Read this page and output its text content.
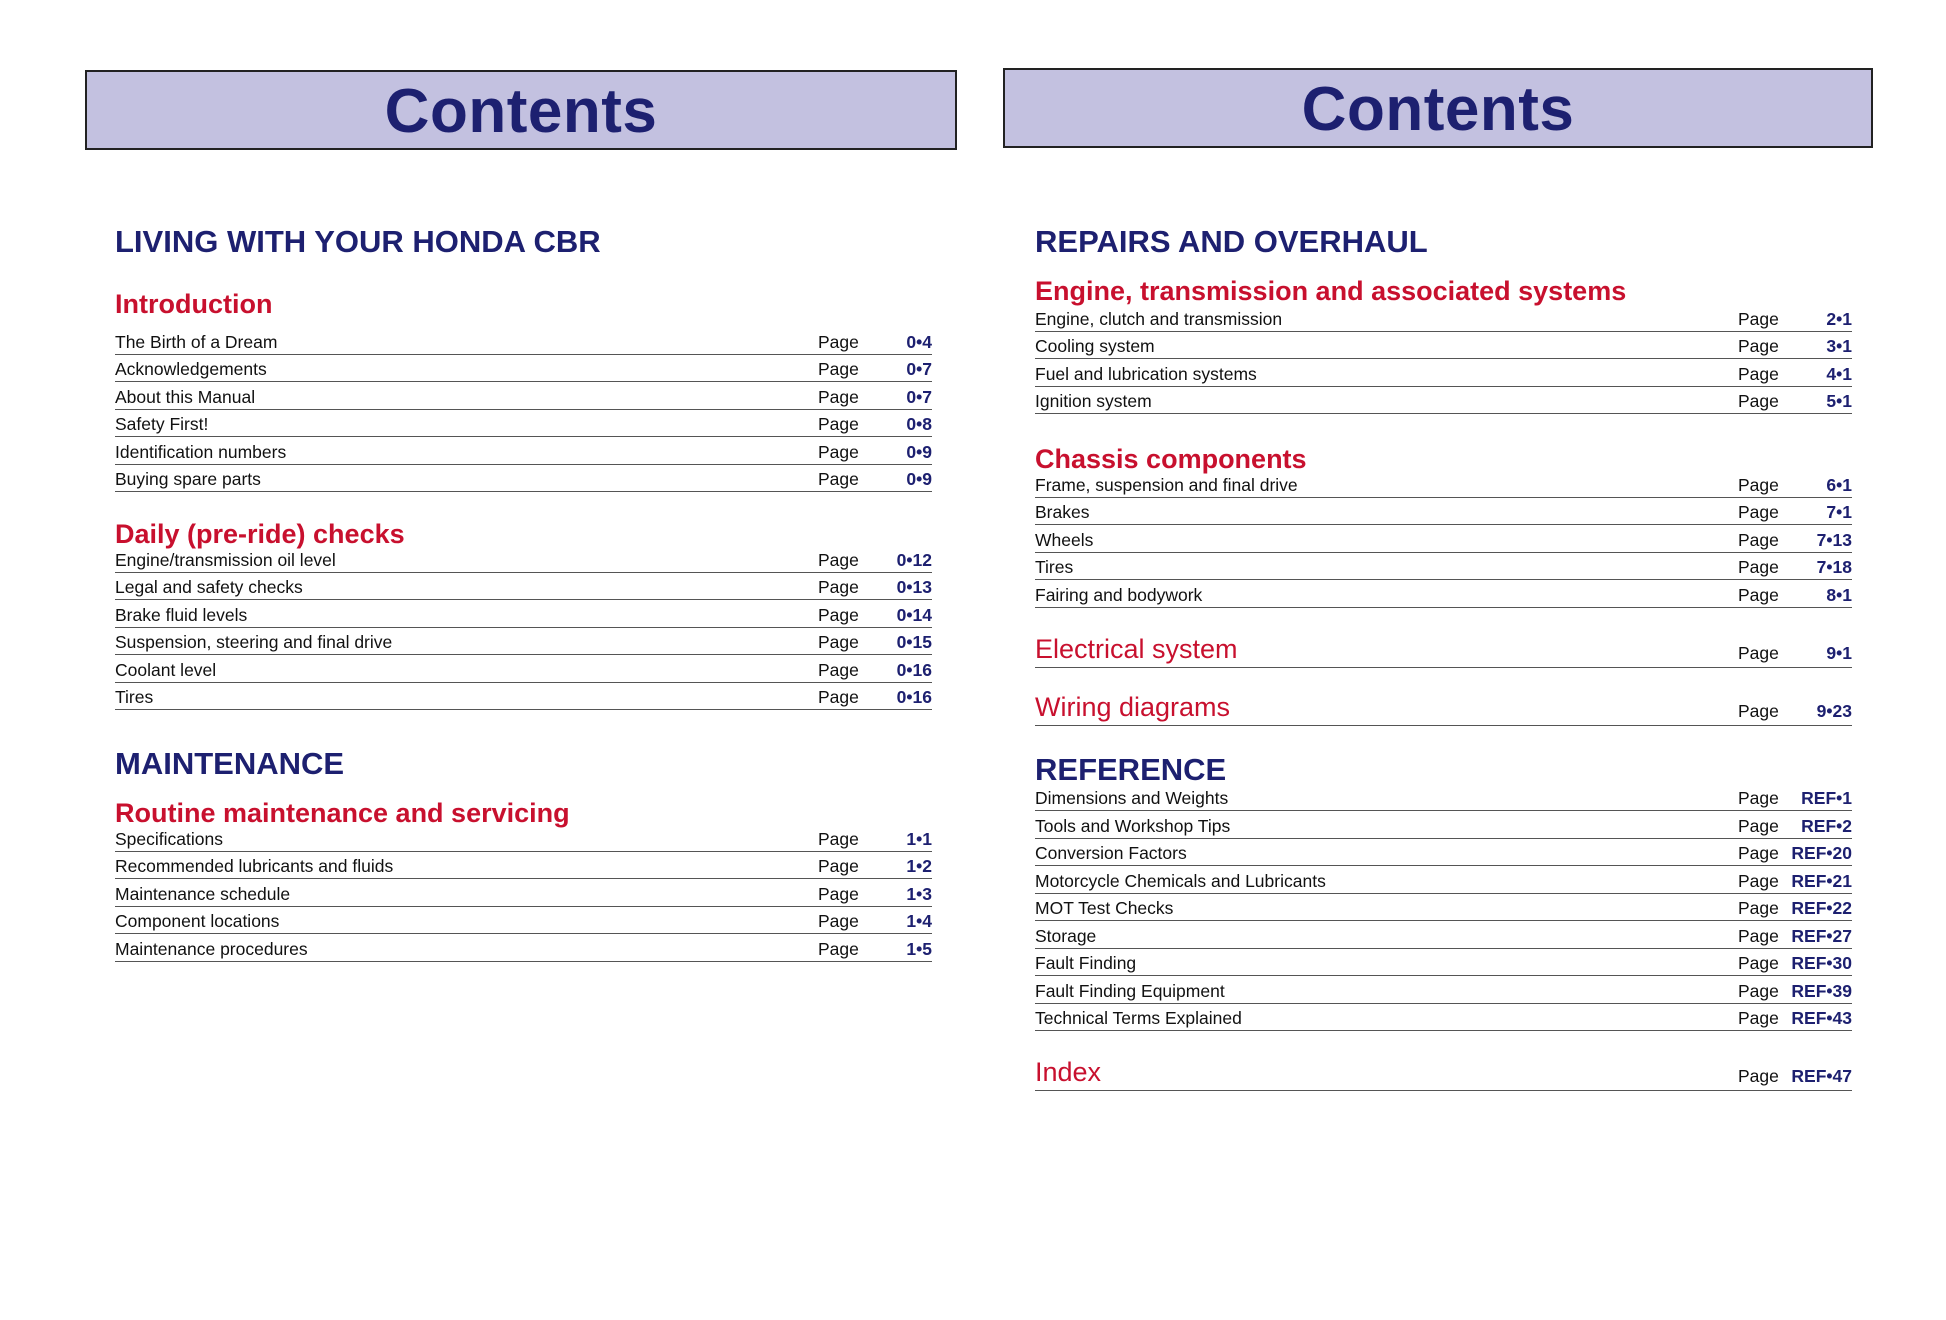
Contents
LIVING WITH YOUR HONDA CBR
Introduction
The Birth of a Dream	Page	0•4
Acknowledgements	Page	0•7
About this Manual	Page	0•7
Safety First!	Page	0•8
Identification numbers	Page	0•9
Buying spare parts	Page	0•9
Daily (pre-ride) checks
Engine/transmission oil level	Page	0•12
Legal and safety checks	Page	0•13
Brake fluid levels	Page	0•14
Suspension, steering and final drive	Page	0•15
Coolant level	Page	0•16
Tires	Page	0•16
MAINTENANCE
Routine maintenance and servicing
Specifications	Page	1•1
Recommended lubricants and fluids	Page	1•2
Maintenance schedule	Page	1•3
Component locations	Page	1•4
Maintenance procedures	Page	1•5
Contents
REPAIRS AND OVERHAUL
Engine, transmission and associated systems
Engine, clutch and transmission	Page	2•1
Cooling system	Page	3•1
Fuel and lubrication systems	Page	4•1
Ignition system	Page	5•1
Chassis components
Frame, suspension and final drive	Page	6•1
Brakes	Page	7•1
Wheels	Page	7•13
Tires	Page	7•18
Fairing and bodywork	Page	8•1
Electrical system	Page	9•1
Wiring diagrams	Page	9•23
REFERENCE
Dimensions and Weights	Page	REF•1
Tools and Workshop Tips	Page	REF•2
Conversion Factors	Page REF•20
Motorcycle Chemicals and Lubricants	Page REF•21
MOT Test Checks	Page REF•22
Storage	Page REF•27
Fault Finding	Page REF•30
Fault Finding Equipment	Page REF•39
Technical Terms Explained	Page REF•43
Index	Page REF•47
